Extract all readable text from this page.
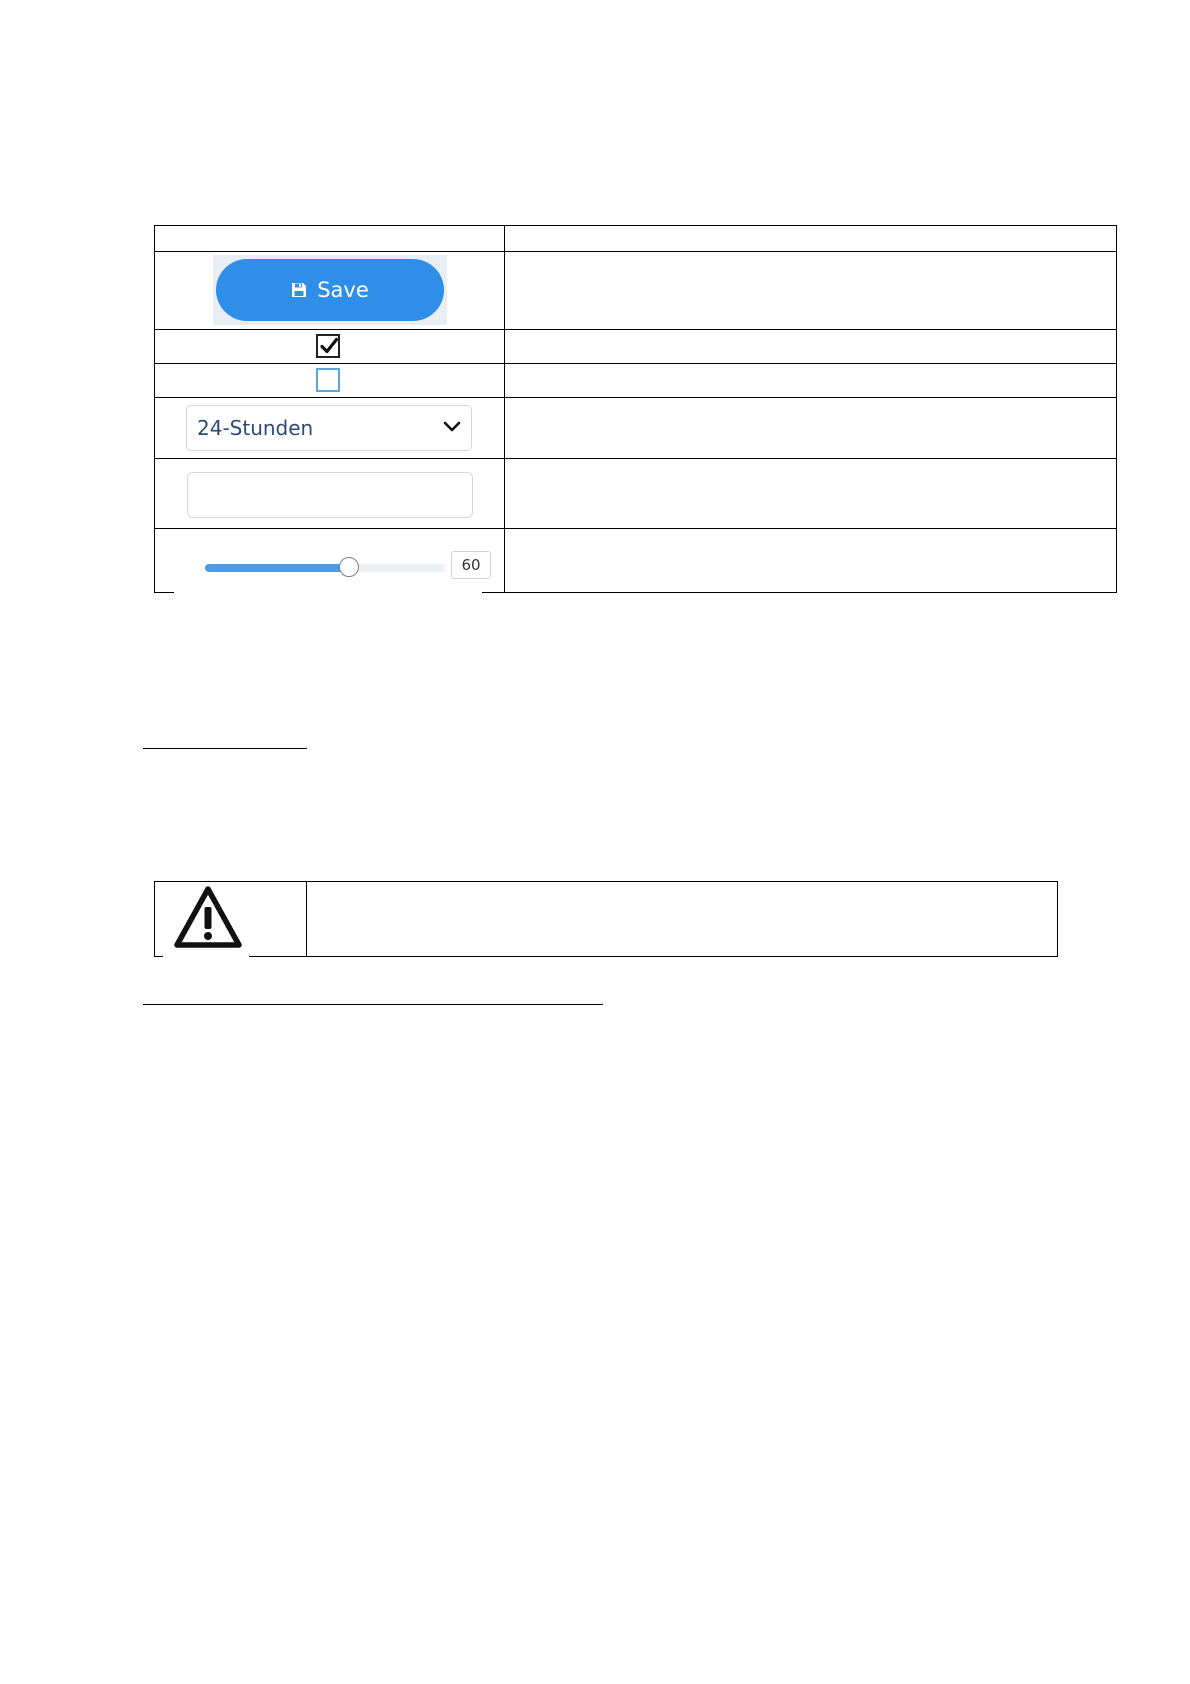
Save	

24-Stunden	

60	
